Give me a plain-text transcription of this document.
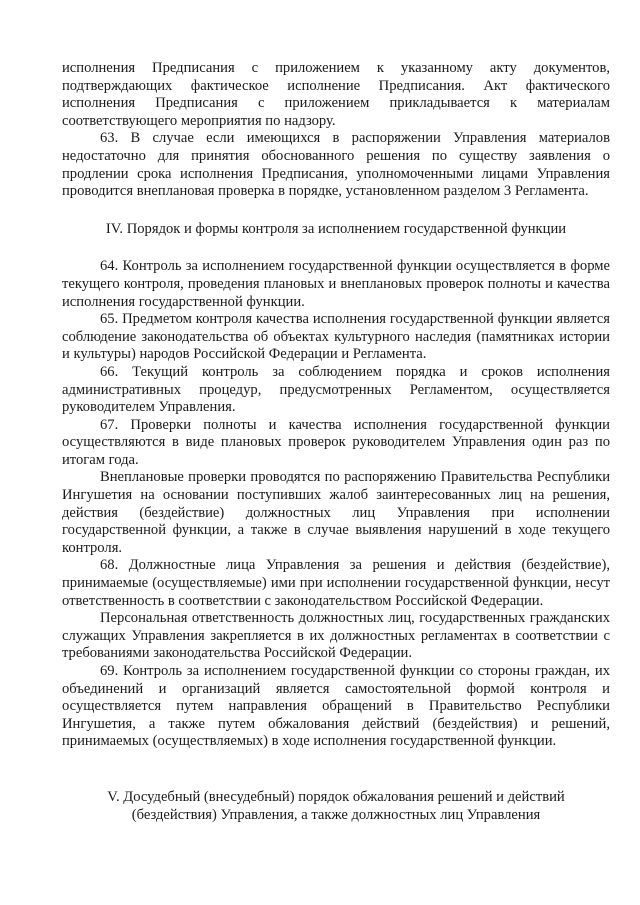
исполнения Предписания с приложением к указанному акту документов, подтверждающих фактическое исполнение Предписания. Акт фактического исполнения Предписания с приложением прикладывается к материалам соответствующего мероприятия по надзору.

63. В случае если имеющихся в распоряжении Управления материалов недостаточно для принятия обоснованного решения по существу заявления о продлении срока исполнения Предписания, уполномоченными лицами Управления проводится внеплановая проверка в порядке, установленном разделом 3 Регламента.

IV. Порядок и формы контроля за исполнением государственной функции

64. Контроль за исполнением государственной функции осуществляется в форме текущего контроля, проведения плановых и внеплановых проверок полноты и качества исполнения государственной функции.

65. Предметом контроля качества исполнения государственной функции является соблюдение законодательства об объектах культурного наследия (памятниках истории и культуры) народов Российской Федерации и Регламента.

66. Текущий контроль за соблюдением порядка и сроков исполнения административных процедур, предусмотренных Регламентом, осуществляется руководителем Управления.

67. Проверки полноты и качества исполнения государственной функции осуществляются в виде плановых проверок руководителем Управления один раз по итогам года.

Внеплановые проверки проводятся по распоряжению Правительства Республики Ингушетия на основании поступивших жалоб заинтересованных лиц на решения, действия (бездействие) должностных лиц Управления при исполнении государственной функции, а также в случае выявления нарушений в ходе текущего контроля.

68. Должностные лица Управления за решения и действия (бездействие), принимаемые (осуществляемые) ими при исполнении государственной функции, несут ответственность в соответствии с законодательством Российской Федерации.

Персональная ответственность должностных лиц, государственных гражданских служащих Управления закрепляется в их должностных регламентах в соответствии с требованиями законодательства Российской Федерации.

69. Контроль за исполнением государственной функции со стороны граждан, их объединений и организаций является самостоятельной формой контроля и осуществляется путем направления обращений в Правительство Республики Ингушетия, а также путем обжалования действий (бездействия) и решений, принимаемых (осуществляемых) в ходе исполнения государственной функции.

V. Досудебный (внесудебный) порядок обжалования решений и действий

(бездействия) Управления, а также должностных лиц Управления
